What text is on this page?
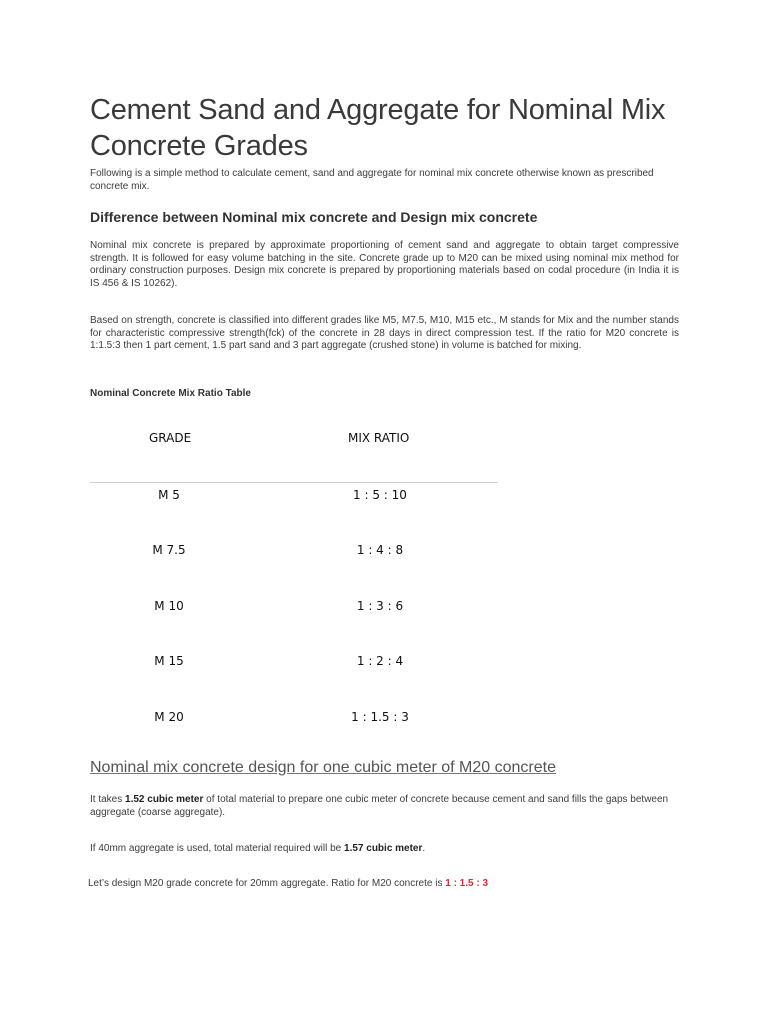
Cement Sand and Aggregate for Nominal Mix Concrete Grades

Following is a simple method to calculate cement, sand and aggregate for nominal mix concrete otherwise known as prescribed concrete mix.

Difference between Nominal mix concrete and Design mix concrete

Nominal mix concrete is prepared by approximate proportioning of cement sand and aggregate to obtain target compressive strength. It is followed for easy volume batching in the site. Concrete grade up to M20 can be mixed using nominal mix method for ordinary construction purposes. Design mix concrete is prepared by proportioning materials based on codal procedure (in India it is IS 456 & IS 10262).

Based on strength, concrete is classified into different grades like M5, M7.5, M10, M15 etc., M stands for Mix and the number stands for characteristic compressive strength(fck) of the concrete in 28 days in direct compression test. If the ratio for M20 concrete is 1:1.5:3 then 1 part cement, 1.5 part sand and 3 part aggregate (crushed stone) in volume is batched for mixing.

Nominal Concrete Mix Ratio Table
GRADE	MIX RATIO
M 5	1 : 5 : 10
M 7.5	1 : 4 : 8
M 10	1 : 3 : 6
M 15	1 : 2 : 4
M 20	1 : 1.5 : 3
Nominal mix concrete design for one cubic meter of M20 concrete

It takes 1.52 cubic meter of total material to prepare one cubic meter of concrete because cement and sand fills the gaps between aggregate (coarse aggregate).

If 40mm aggregate is used, total material required will be 1.57 cubic meter.

Let’s design M20 grade concrete for 20mm aggregate. Ratio for M20 concrete is 1 : 1.5 : 3
